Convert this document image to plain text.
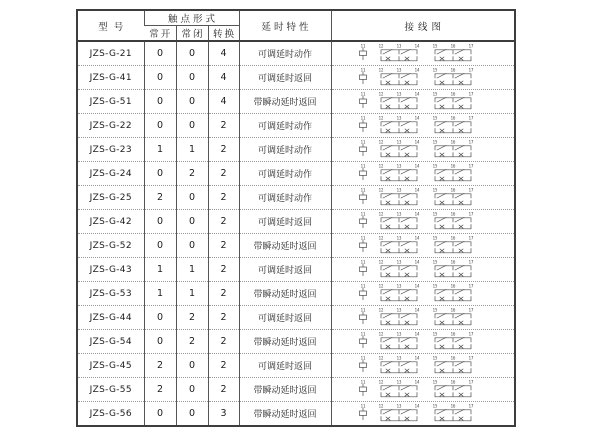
型号	触点形式			延时特性	接线图
	常开	常闭	转换		
JZS-G-21	0	0	4	可调延时动作	
11	12	13	14	15	16	17

JZS-G-41	0	0	4	可调延时返回	
11	12	13	14	15	16	17

JZS-G-51	0	0	4	带瞬动延时返回	
11	12	13	14	15	16	17

JZS-G-22	0	0	2	可调延时动作	
11	12	13	14	15	16	17

JZS-G-23	1	1	2	可调延时动作	
11	12	13	14	15	16	17

JZS-G-24	0	2	2	可调延时动作	
11	12	13	14	15	16	17

JZS-G-25	2	0	2	可调延时动作	
11	12	13	14	15	16	17

JZS-G-42	0	0	2	可调延时返回	
11	12	13	14	15	16	17

JZS-G-52	0	0	2	带瞬动延时返回	
11	12	13	14	15	16	17

JZS-G-43	1	1	2	可调延时返回	
11	12	13	14	15	16	17

JZS-G-53	1	1	2	带瞬动延时返回	
11	12	13	14	15	16	17

JZS-G-44	0	2	2	可调延时返回	
11	12	13	14	15	16	17

JZS-G-54	0	2	2	带瞬动延时返回	
11	12	13	14	15	16	17

JZS-G-45	2	0	2	可调延时返回	
11	12	13	14	15	16	17

JZS-G-55	2	0	2	带瞬动延时返回	
11	12	13	14	15	16	17

JZS-G-56	0	0	3	带瞬动延时返回	
11	12	13	14	15	16	17
